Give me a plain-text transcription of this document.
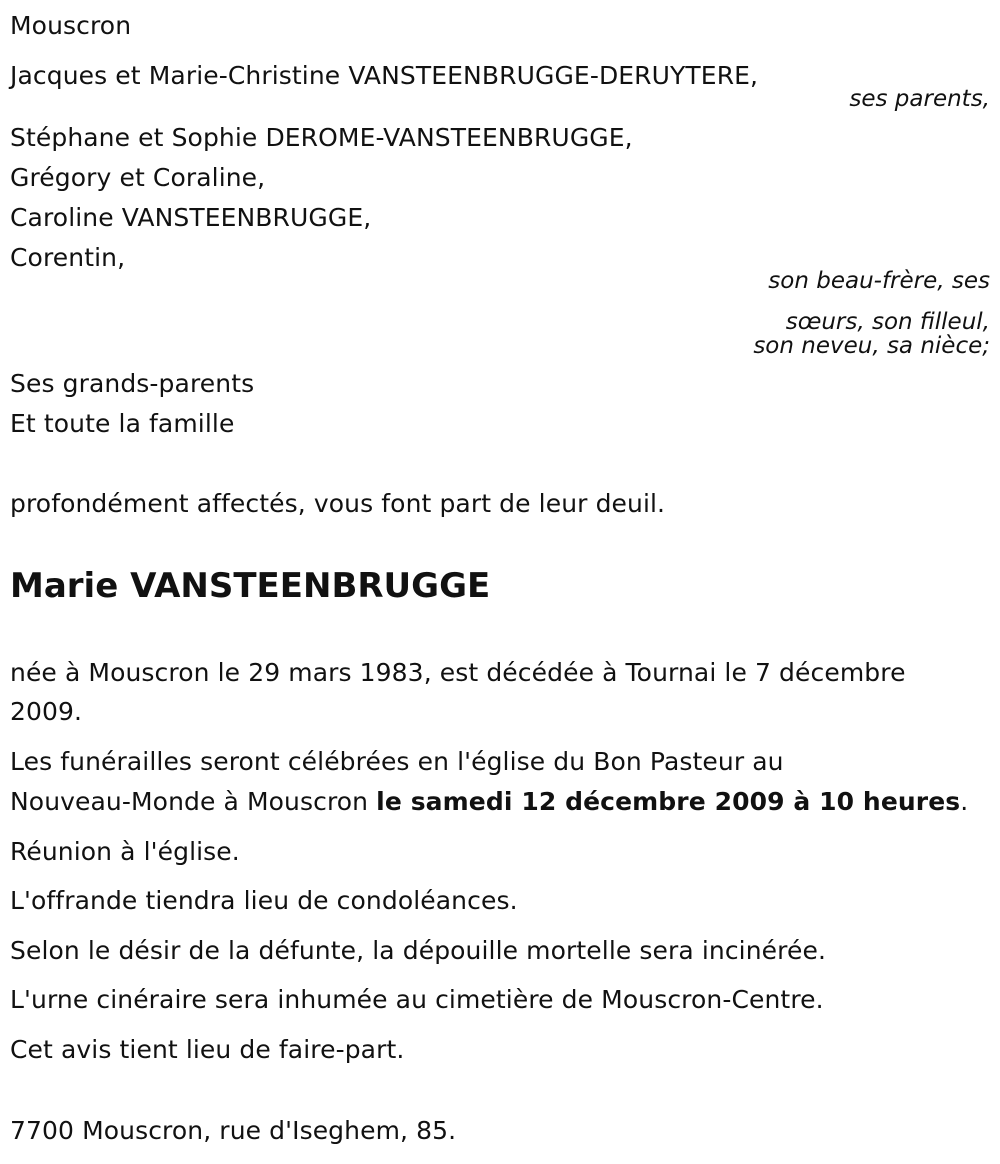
Mouscron
Jacques et Marie-Christine VANSTEENBRUGGE-DERUYTERE,
ses parents,
Stéphane et Sophie DEROME-VANSTEENBRUGGE,
Grégory et Coraline,
Caroline VANSTEENBRUGGE,
Corentin,
son beau-frère, ses
sœurs, son filleul,
son neveu, sa nièce;
Ses grands-parents
Et toute la famille
profondément affectés, vous font part de leur deuil.
Marie VANSTEENBRUGGE
née à Mouscron le 29 mars 1983, est décédée à Tournai le 7 décembre
2009.
Les funérailles seront célébrées en l'église du Bon Pasteur au
Nouveau-Monde à Mouscron le samedi 12 décembre 2009 à 10 heures.
Réunion à l'église.
L'offrande tiendra lieu de condoléances.
Selon le désir de la défunte, la dépouille mortelle sera incinérée.
L'urne cinéraire sera inhumée au cimetière de Mouscron-Centre.
Cet avis tient lieu de faire-part.
7700 Mouscron, rue d'Iseghem, 85.
